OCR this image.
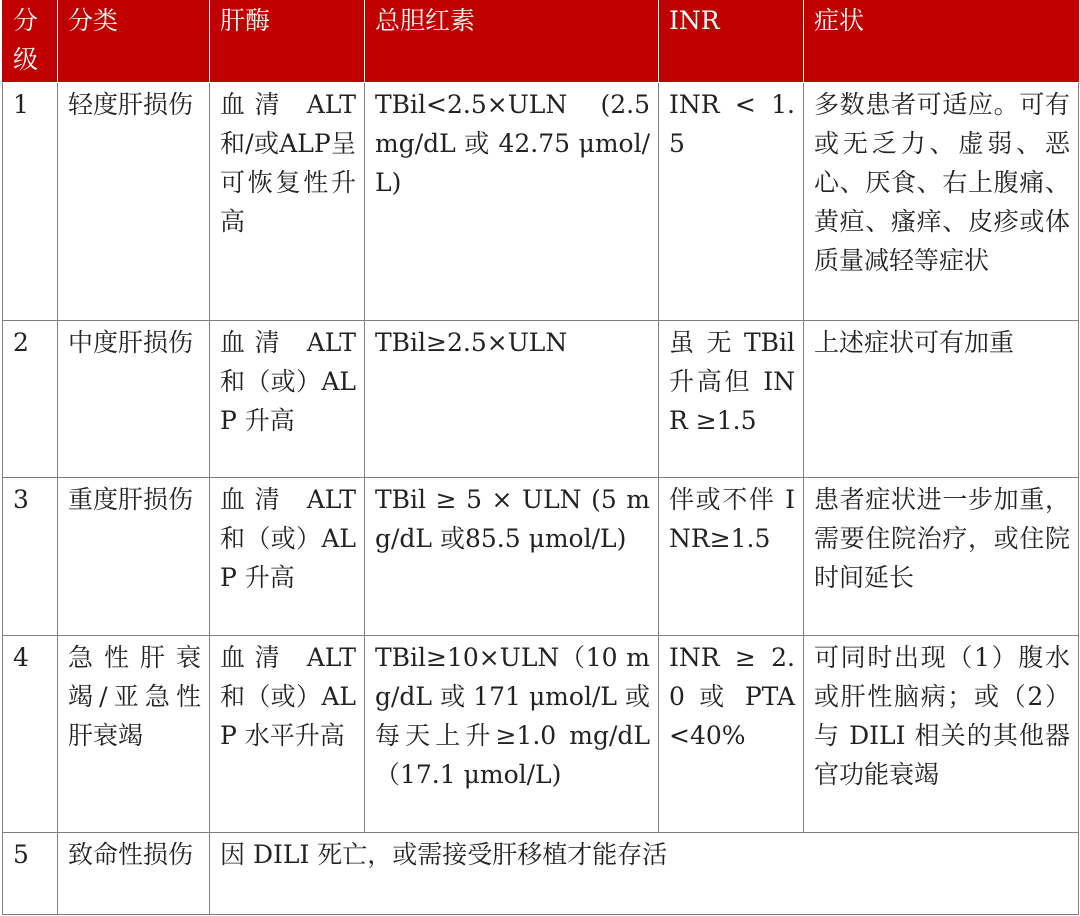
分级	分类	肝酶	总胆红素	INR	症状
1	轻度肝损伤	血清 ALT 和/或ALP呈可恢复性升高	TBil<2.5×ULN (2.5 mg/dL 或 42.75 μmol/L)	INR < 1.5	多数患者可适应。可有或无乏力、虚弱、恶心、厌食、右上腹痛、黄疸、瘙痒、皮疹或体质量减轻等症状
2	中度肝损伤	血清 ALT 和（或）ALP 升高	TBil≥2.5×ULN	虽无TBil升高但 INR ≥1.5	上述症状可有加重
3	重度肝损伤	血清 ALT 和（或）ALP 升高	TBil ≥ 5 × ULN (5 mg/dL 或85.5 μmol/L)	伴或不伴 INR≥1.5	患者症状进一步加重，需要住院治疗，或住院时间延长
4	急性肝衰竭/亚急性肝衰竭	血清 ALT 和（或）ALP 水平升高	TBil≥10×ULN（10 mg/dL 或 171 μmol/L 或每天上升≥1.0 mg/dL（17.1 μmol/L)	INR ≥ 2.0 或 PTA<40%	可同时出现（1）腹水或肝性脑病；或（2）与 DILI 相关的其他器官功能衰竭
5	致命性损伤	因 DILI 死亡，或需接受肝移植才能存活			
